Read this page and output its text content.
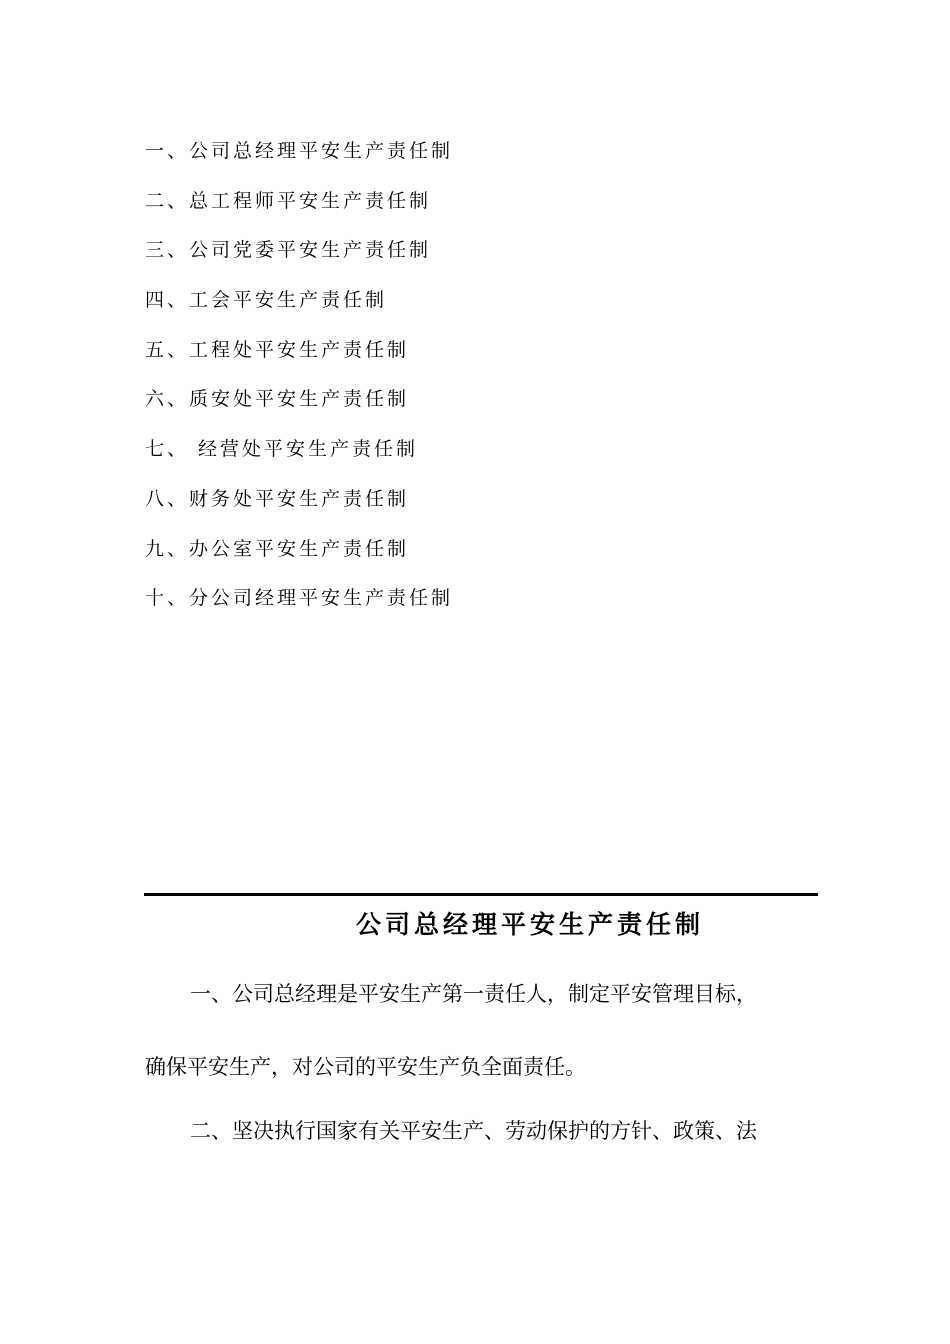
一、公司总经理平安生产责任制
二、总工程师平安生产责任制
三、公司党委平安生产责任制
四、工会平安生产责任制
五、工程处平安生产责任制
六、质安处平安生产责任制
七、 经营处平安生产责任制
八、财务处平安生产责任制
九、办公室平安生产责任制
十、分公司经理平安生产责任制
公司总经理平安生产责任制
一、公司总经理是平安生产第一责任人，制定平安管理目标，
确保平安生产，对公司的平安生产负全面责任。
二、坚决执行国家有关平安生产、劳动保护的方针、政策、法
